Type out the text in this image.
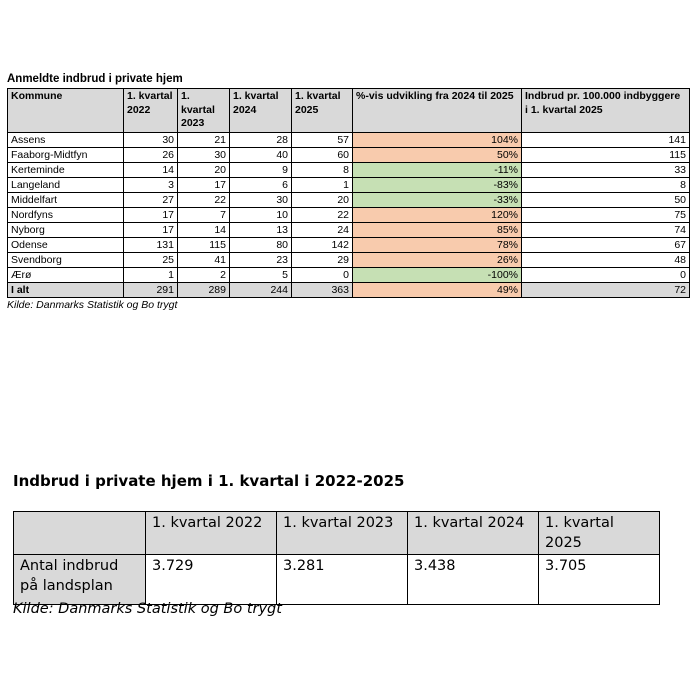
Anmeldte indbrud i private hjem
Kommune	1. kvartal 2022	1. kvartal 2023	1. kvartal 2024	1. kvartal 2025	%-vis udvikling fra 2024 til 2025	Indbrud pr. 100.000 indbyggere i 1. kvartal 2025
Assens	30	21	28	57	104%	141
Faaborg-Midtfyn	26	30	40	60	50%	115
Kerteminde	14	20	9	8	-11%	33
Langeland	3	17	6	1	-83%	8
Middelfart	27	22	30	20	-33%	50
Nordfyns	17	7	10	22	120%	75
Nyborg	17	14	13	24	85%	74
Odense	131	115	80	142	78%	67
Svendborg	25	41	23	29	26%	48
Ærø	1	2	5	0	-100%	0
I alt	291	289	244	363	49%	72
Kilde: Danmarks Statistik og Bo trygt
Indbrud i private hjem i 1. kvartal i 2022-2025
	1. kvartal 2022	1. kvartal 2023	1. kvartal 2024	1. kvartal 2025
Antal indbrud på landsplan	3.729	3.281	3.438	3.705
Kilde: Danmarks Statistik og Bo trygt
